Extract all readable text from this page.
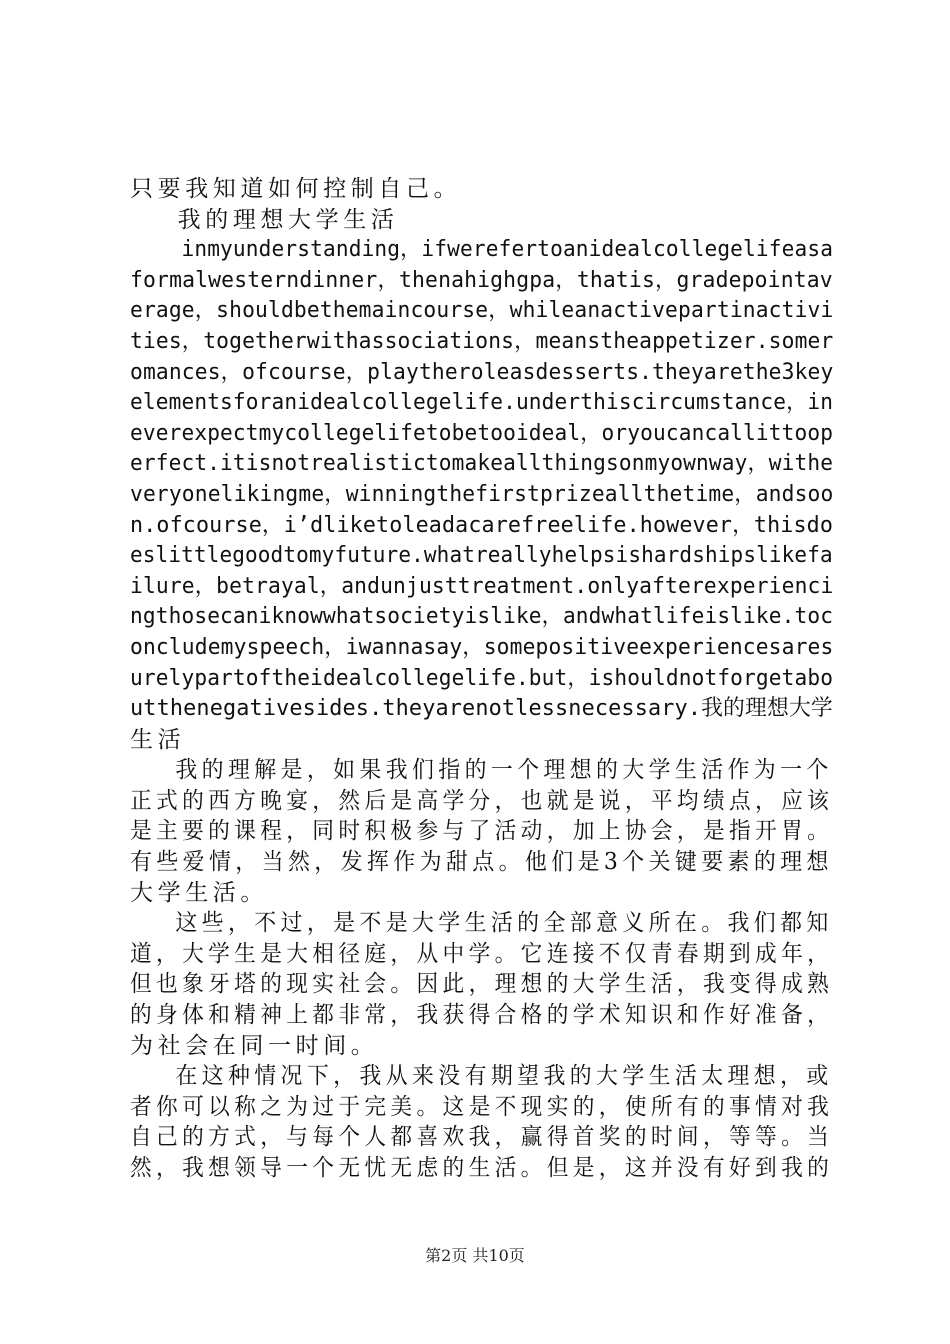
只要我知道如何控制自己。
我的理想大学生活
inmyunderstanding，ifwerefertoanidealcollegelifeasa
formalwesterndinner，thenahighgpa，thatis，gradepointav
erage，shouldbethemaincourse，whileanactivepartinactivi
ties，togetherwithassociations，meanstheappetizer.somer
omances，ofcourse，playtheroleasdesserts.theyarethe3key
elementsforanidealcollegelife.underthiscircumstance，in
everexpectmycollegelifetobetooideal，oryoucancallittoop
erfect.itisnotrealistictomakeallthingsonmyownway，withe
veryonelikingme，winningthefirstprizeallthetime，andsoo
n.ofcourse，i’dliketoleadacarefreelife.however，thisdo
eslittlegoodtomyfuture.whatreallyhelpsishardshipslikefa
ilure，betrayal，andunjusttreatment.onlyafterexperienci
ngthosecaniknowwhatsocietyislike，andwhatlifeislike.toc
oncludemyspeech，iwannasay，somepositiveexperiencesares
urelypartoftheidealcollegelife.but，ishouldnotforgetabo
utthenegativesides.theyarenotlessnecessary.我的理想大学
生活
我的理解是，如果我们指的一个理想的大学生活作为一个
正式的西方晚宴，然后是高学分，也就是说，平均绩点，应该
是主要的课程，同时积极参与了活动，加上协会，是指开胃。
有些爱情，当然，发挥作为甜点。他们是3个关键要素的理想
大学生活。
这些，不过，是不是大学生活的全部意义所在。我们都知
道，大学生是大相径庭，从中学。它连接不仅青春期到成年，
但也象牙塔的现实社会。因此，理想的大学生活，我变得成熟
的身体和精神上都非常，我获得合格的学术知识和作好准备，
为社会在同一时间。
在这种情况下，我从来没有期望我的大学生活太理想，或
者你可以称之为过于完美。这是不现实的，使所有的事情对我
自己的方式，与每个人都喜欢我，赢得首奖的时间，等等。当
然，我想领导一个无忧无虑的生活。但是，这并没有好到我的
第2页 共10页
